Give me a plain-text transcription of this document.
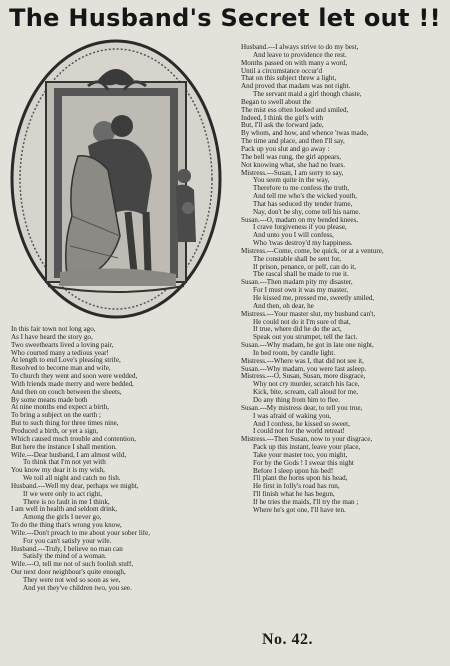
The Husband's Secret let out !!
In this fair town not long ago,
As I have heard the story go,
Two sweethearts lived a loving pair,
Who courted many a tedious year!
At length to end Love's pleasing strife,
Resolved to become man and wife,
To church they went and soon were wedded,
With friends made merry and were bedded,
And then on couch between the sheets,
By some means made both
At nine months end expect a birth,
To bring a subject on the earth ;
But to such thing for three times nine,
Produced a birth, or yet a sign,
Which caused much trouble and contention,
But here the instance I shall mention.
Wife.---Dear husband, I am almost wild,
To think that I'm not yet with
You know my dear it is my wish,
We toil all night and catch no fish.
Husband.---Well my dear, perhaps we might,
If we were only to act right,
There is no fault in me I think,
I am well in health and seldom drink,
Among the girls I never go,
To do the thing that's wrong you know,
Wife.---Don't preach to me about your sober life,
For you can't satisfy your wife.
Husband.---Truly, I believe no man can
Satisfy the mind of a woman.
Wife.---O, tell me not of such foolish stuff,
Our next door neighbour's quite enough,
They were not wed so soon as we,
And yet they've children two, you see.
Husband.---I always strive to do my best,
And leave to providence the rest.
Months passed on with many a word,
Until a circumstance occur'd
That on this subject threw a light,
And proved that madam was not right.
The servant maid a girl though chaste,
Began to swell about the
The mist ess often looked and smiled,
Indeed, I think the girl's with
But, I'll ask the forward jade,
By whom, and how, and whence 'twas made,
The time and place, and then I'll say,
Pack up you slut and go away :
The bell was rung, the girl appears,
Not knowing what, she had no fears.
Mistress.---Susan, I am sorry to say,
You seem quite in the way,
Therefore to me confess the truth,
And tell me who's the wicked youth,
That has seduced thy tender frame,
Nay, don't be shy, come tell his name.
Susan.---O, madam on my bended knees,
I crave forgiveness if you please,
And unto you I will confess,
Who 'twas destroy'd my happiness.
Mistress.---Come, come, be quick, or at a venture,
The constable shall be sent for,
If prison, penance, or pelf, can do it,
The rascal shall be made to rue it.
Susan.---Then madam pity my disaster,
For I must own it was my master,
He kissed me, pressed me, sweetly smiled,
And then, oh dear, he
Mistress.---Your master slut, my husband can't,
He could not do it I'm sure of that,
If true, where did he do the act,
Speak out you strumpet, tell the fact.
Susan.---Why madam, he got in late one night,
In bed room, by candle light.
Mistress.---Where was I, that did not see it,
Susan.---Why madam, you were fast asleep.
Mistress.---O, Susan, Susan, more disgrace,
Why not cry murder, scratch his face,
Kick, bite, scream, call aloud for me,
Do any thing from him to flee.
Susan.---My mistress dear, to tell you true,
I was afraid of waking you,
And I confess, he kissed so sweet,
I could not for the world retreat!
Mistress.---Then Susan, now to your disgrace,
Pack up this instant, leave your place,
Take your master too, you might,
For by the Gods ! I swear this night
Before I sleep upon his bed!
I'll plant the horns upon his head,
He first in folly's road has run,
I'll finish what he has begun,
If he tries the maids, I'll try the man ;
Where he's got one, I'll have ten.
No. 42.
